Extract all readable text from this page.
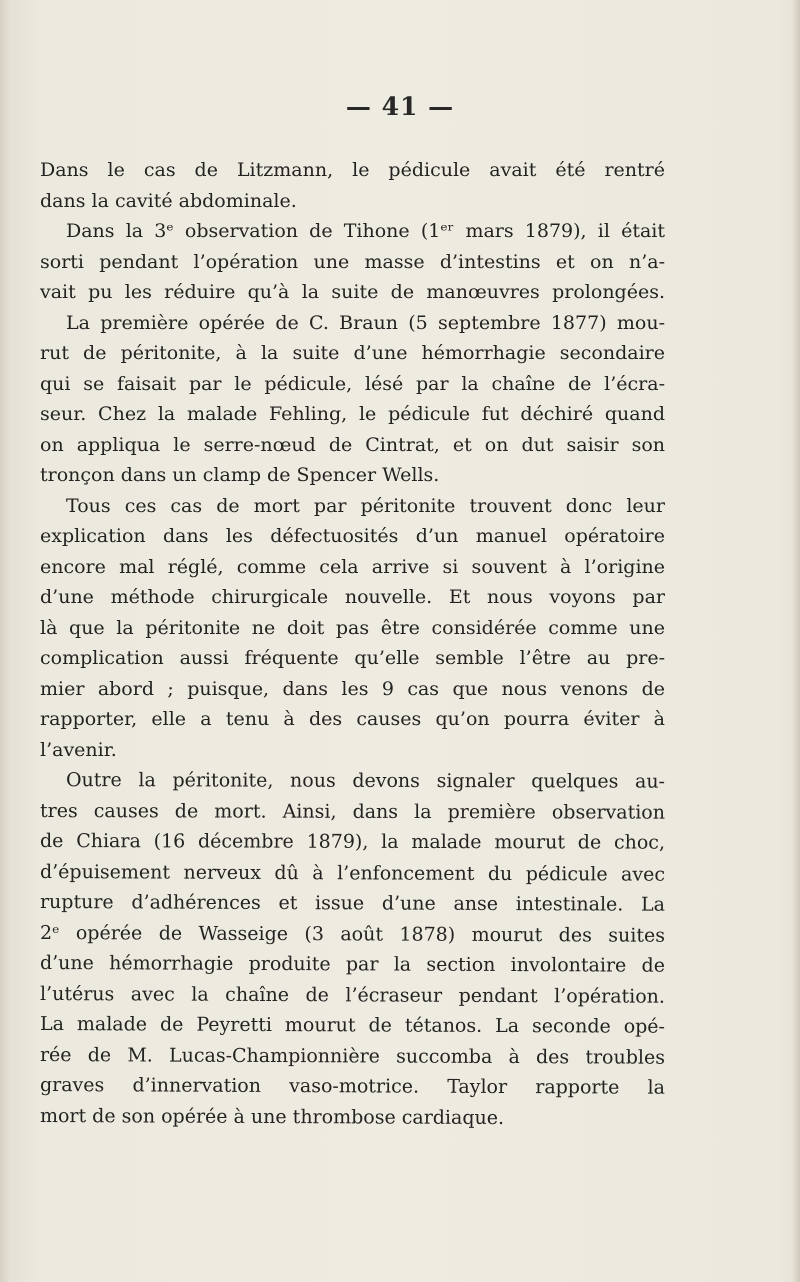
— 41 —
Dans le cas de Litzmann, le pédicule avait été rentré
dans la cavité abdominale.
Dans la 3ᵉ observation de Tihone (1ᵉʳ mars 1879), il était
sorti pendant l’opération une masse d’intestins et on n’a-
vait pu les réduire qu’à la suite de manœuvres prolongées.
La première opérée de C. Braun (5 septembre 1877) mou-
rut de péritonite, à la suite d’une hémorrhagie secondaire
qui se faisait par le pédicule, lésé par la chaîne de l’écra-
seur. Chez la malade Fehling, le pédicule fut déchiré quand
on appliqua le serre-nœud de Cintrat, et on dut saisir son
tronçon dans un clamp de Spencer Wells.
Tous ces cas de mort par péritonite trouvent donc leur
explication dans les défectuosités d’un manuel opératoire
encore mal réglé, comme cela arrive si souvent à l’origine
d’une méthode chirurgicale nouvelle. Et nous voyons par
là que la péritonite ne doit pas être considérée comme une
complication aussi fréquente qu’elle semble l’être au pre-
mier abord ; puisque, dans les 9 cas que nous venons de
rapporter, elle a tenu à des causes qu’on pourra éviter à
l’avenir.
Outre la péritonite, nous devons signaler quelques au-
tres causes de mort. Ainsi, dans la première observation
de Chiara (16 décembre 1879), la malade mourut de choc,
d’épuisement nerveux dû à l’enfoncement du pédicule avec
rupture d’adhérences et issue d’une anse intestinale. La
2ᵉ opérée de Wasseige (3 août 1878) mourut des suites
d’une hémorrhagie produite par la section involontaire de
l’utérus avec la chaîne de l’écraseur pendant l’opération.
La malade de Peyretti mourut de tétanos. La seconde opé-
rée de M. Lucas-Championnière succomba à des troubles
graves d’innervation vaso-motrice. Taylor rapporte la
mort de son opérée à une thrombose cardiaque.
